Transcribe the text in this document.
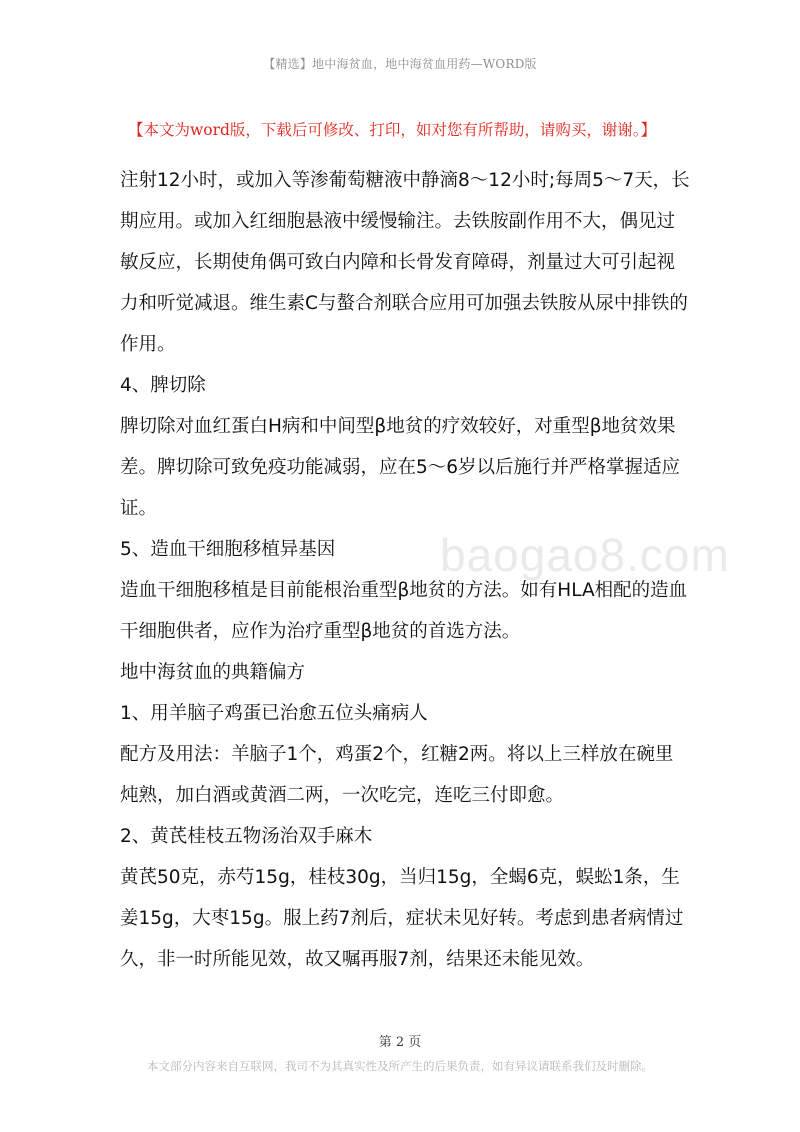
【精选】地中海贫血，地中海贫血用药—WORD版
【本文为word版，下载后可修改、打印，如对您有所帮助，请购买，谢谢。】

注射12小时，或加入等渗葡萄糖液中静滴8～12小时;每周5～7天，长期应用。或加入红细胞悬液中缓慢输注。去铁胺副作用不大，偶见过敏反应，长期使角偶可致白内障和长骨发育障碍，剂量过大可引起视力和听觉减退。维生素C与螯合剂联合应用可加强去铁胺从尿中排铁的作用。

4、脾切除

脾切除对血红蛋白H病和中间型β地贫的疗效较好，对重型β地贫效果差。脾切除可致免疫功能减弱，应在5～6岁以后施行并严格掌握适应证。

5、造血干细胞移植异基因

造血干细胞移植是目前能根治重型β地贫的方法。如有HLA相配的造血干细胞供者，应作为治疗重型β地贫的首选方法。

地中海贫血的典籍偏方

1、用羊脑子鸡蛋已治愈五位头痛病人

配方及用法：羊脑子1个，鸡蛋2个，红糖2两。将以上三样放在碗里炖熟，加白酒或黄酒二两，一次吃完，连吃三付即愈。

2、黄芪桂枝五物汤治双手麻木

黄芪50克，赤芍15g，桂枝30g，当归15g，全蝎6克，蜈蚣1条，生姜15g，大枣15g。服上药7剂后，症状未见好转。考虑到患者病情过久，非一时所能见效，故又嘱再服7剂，结果还未能见效。

baogao8.com
第 2 页
本文部分内容来自互联网，我司不为其真实性及所产生的后果负责，如有异议请联系我们及时删除。
